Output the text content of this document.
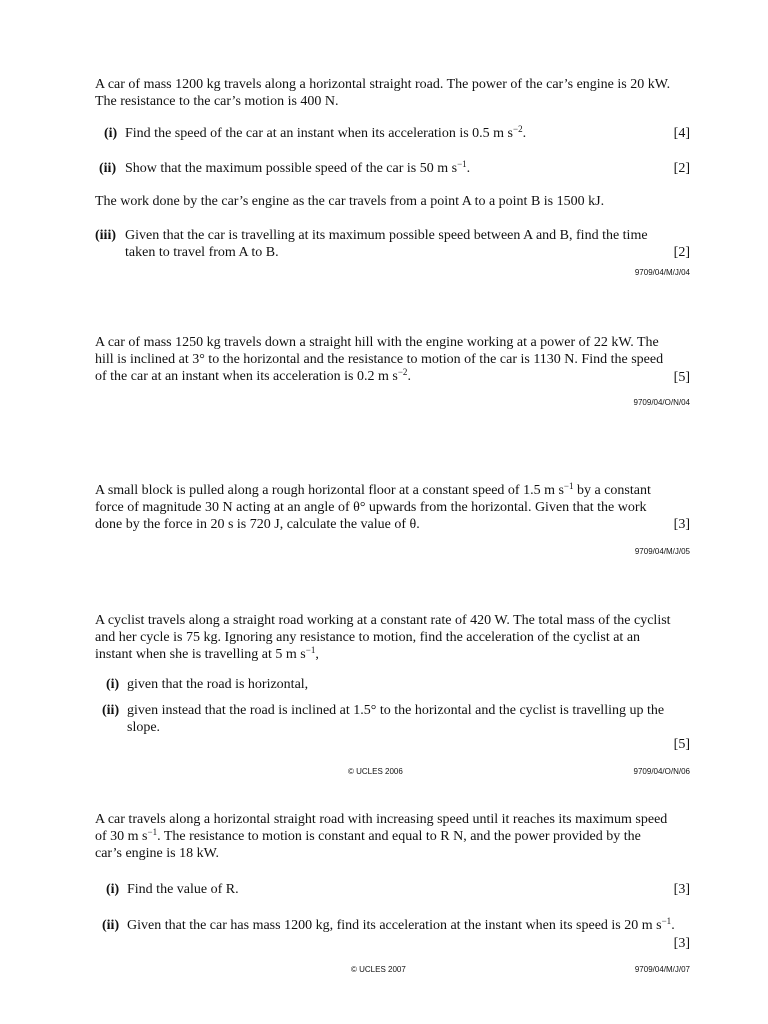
A car of mass 1200 kg travels along a horizontal straight road. The power of the car’s engine is 20 kW.
The resistance to the car’s motion is 400 N.
(i) Find the speed of the car at an instant when its acceleration is 0.5 m $s^{-2}$.	[4]
(ii) Show that the maximum possible speed of the car is 50 m $s^{-1}$.	[2]
The work done by the car’s engine as the car travels from a point A to a point B is 1500 kJ.
(iii) Given that the car is travelling at its maximum possible speed between A and B, find the time
taken to travel from A to B.	[2]
9709/04/M/J/04
A car of mass 1250 kg travels down a straight hill with the engine working at a power of 22 kW. The
hill is inclined at 3° to the horizontal and the resistance to motion of the car is 1130 N. Find the speed
of the car at an instant when its acceleration is 0.2 m $s^{-2}$.	[5]
9709/04/O/N/04
A small block is pulled along a rough horizontal floor at a constant speed of 1.5 m $s^{-1}$ by a constant
force of magnitude 30 N acting at an angle of θ° upwards from the horizontal. Given that the work
done by the force in 20 s is 720 J, calculate the value of θ.	[3]
9709/04/M/J/05
A cyclist travels along a straight road working at a constant rate of 420 W. The total mass of the cyclist
and her cycle is 75 kg. Ignoring any resistance to motion, find the acceleration of the cyclist at an
instant when she is travelling at 5 m $s^{-1}$,
(i) given that the road is horizontal,
(ii) given instead that the road is inclined at 1.5° to the horizontal and the cyclist is travelling up the
slope.
[5]
© UCLES 2006	9709/04/O/N/06
A car travels along a horizontal straight road with increasing speed until it reaches its maximum speed
of 30 m $s^{-1}$. The resistance to motion is constant and equal to R N, and the power provided by the
car’s engine is 18 kW.
(i) Find the value of R.	[3]
(ii) Given that the car has mass 1200 kg, find its acceleration at the instant when its speed is 20 m $s^{-1}$.
[3]
© UCLES 2007	9709/04/M/J/07
